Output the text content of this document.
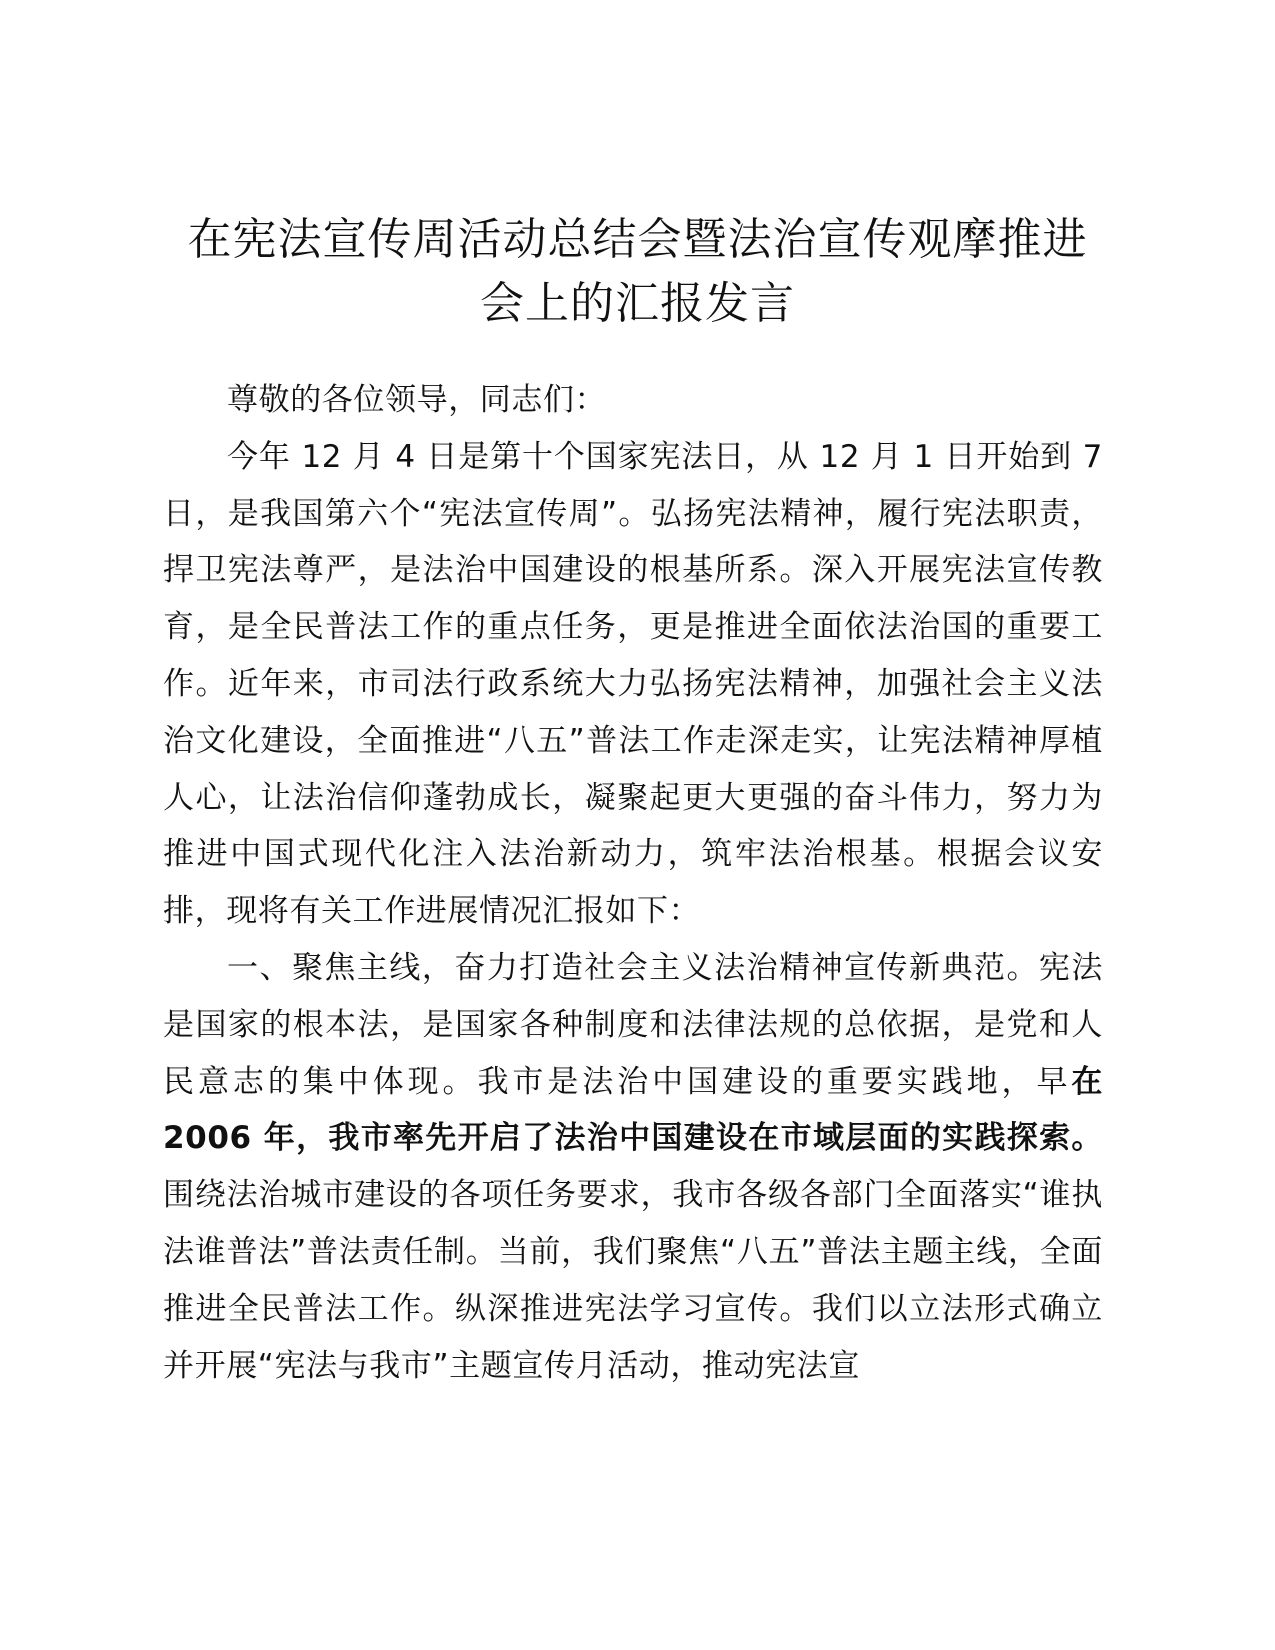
在宪法宣传周活动总结会暨法治宣传观摩推进
会上的汇报发言

尊敬的各位领导，同志们：

今年 12 月 4 日是第十个国家宪法日，从 12 月 1 日开始到 7 日，是我国第六个“宪法宣传周”。弘扬宪法精神，履行宪法职责，捍卫宪法尊严，是法治中国建设的根基所系。深入开展宪法宣传教育，是全民普法工作的重点任务，更是推进全面依法治国的重要工作。近年来，市司法行政系统大力弘扬宪法精神，加强社会主义法治文化建设，全面推进“八五”普法工作走深走实，让宪法精神厚植人心，让法治信仰蓬勃成长，凝聚起更大更强的奋斗伟力，努力为推进中国式现代化注入法治新动力，筑牢法治根基。根据会议安排，现将有关工作进展情况汇报如下：

一、聚焦主线，奋力打造社会主义法治精神宣传新典范。宪法是国家的根本法，是国家各种制度和法律法规的总依据，是党和人民意志的集中体现。我市是法治中国建设的重要实践地，早在 2006 年，我市率先开启了法治中国建设在市域层面的实践探索。围绕法治城市建设的各项任务要求，我市各级各部门全面落实“谁执法谁普法”普法责任制。当前，我们聚焦“八五”普法主题主线，全面推进全民普法工作。纵深推进宪法学习宣传。我们以立法形式确立并开展“宪法与我市”主题宣传月活动，推动宪法宣
